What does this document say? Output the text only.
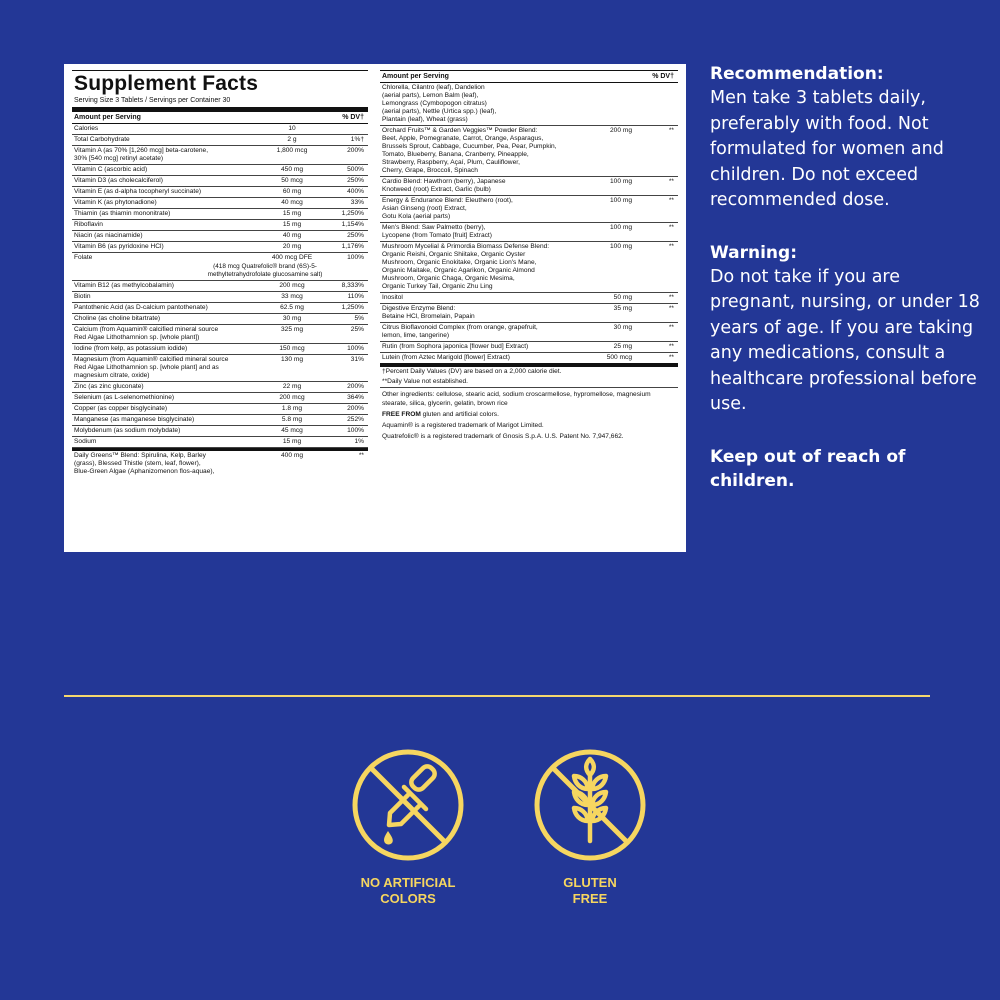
Supplement Facts
Serving Size 3 Tablets / Servings per Container 30
Amount per Serving	% DV†
Calories	10
Total Carbohydrate	2 g	1%†
Vitamin A (as 70% [1,260 mcg] beta-carotene,
30% [540 mcg] retinyl acetate)
1,800 mcg	200%
Vitamin C (ascorbic acid)	450 mg	500%
Vitamin D3 (as cholecalciferol)	50 mcg	250%
Vitamin E (as d-alpha tocopheryl succinate)	60 mg	400%
Vitamin K (as phytonadione)	40 mcg	33%
Thiamin (as thiamin mononitrate)	15 mg	1,250%
Riboflavin	15 mg	1,154%
Niacin (as niacinamide)	40 mg	250%
Vitamin B6 (as pyridoxine HCl)	20 mg	1,176%
Folate	400 mcg DFE	100%
(418 mcg Quatrefolic® brand (6S)-5-
methyltetrahydrofolate glucosamine salt)
Vitamin B12 (as methylcobalamin)	200 mcg	8,333%
Biotin	33 mcg	110%
Pantothenic Acid (as D-calcium pantothenate)	62.5 mg	1,250%
Choline (as choline bitartrate)	30 mg	5%
Calcium (from Aquamin® calcified mineral source
Red Algae Lithothamnion sp. [whole plant])
325 mg	25%
Iodine (from kelp, as potassium iodide)	150 mcg	100%
Magnesium (from Aquamin® calcified mineral source
Red Algae Lithothamnion sp. [whole plant] and as
magnesium citrate, oxide)
130 mg	31%
Zinc (as zinc gluconate)	22 mg	200%
Selenium (as L-selenomethionine)	200 mcg	364%
Copper (as copper bisglycinate)	1.8 mg	200%
Manganese (as manganese bisglycinate)	5.8 mg	252%
Molybdenum (as sodium molybdate)	45 mcg	100%
Sodium	15 mg	1%
Daily Greens™ Blend: Spirulina, Kelp, Barley
(grass), Blessed Thistle (stem, leaf, flower),
Blue-Green Algae (Aphanizomenon flos-aquae),
400 mg	**
Amount per Serving	% DV†
Chlorella, Cilantro (leaf), Dandelion
(aerial parts), Lemon Balm (leaf),
Lemongrass (Cymbopogon citratus)
(aerial parts), Nettle (Urtica spp.) (leaf),
Plantain (leaf), Wheat (grass)
Orchard Fruits™ & Garden Veggies™ Powder Blend:
Beet, Apple, Pomegranate, Carrot, Orange, Asparagus,
Brussels Sprout, Cabbage, Cucumber, Pea, Pear, Pumpkin,
Tomato, Blueberry, Banana, Cranberry, Pineapple,
Strawberry, Raspberry, Açaí, Plum, Cauliflower,
Cherry, Grape, Broccoli, Spinach
200 mg	**
Cardio Blend: Hawthorn (berry), Japanese
Knotweed (root) Extract, Garlic (bulb)
100 mg	**
Energy & Endurance Blend: Eleuthero (root),
Asian Ginseng (root) Extract,
Gotu Kola (aerial parts)
100 mg	**
Men's Blend: Saw Palmetto (berry),
Lycopene (from Tomato [fruit] Extract)
100 mg	**
Mushroom Mycelial & Primordia Biomass Defense Blend:
Organic Reishi, Organic Shiitake, Organic Oyster
Mushroom, Organic Enokitake, Organic Lion's Mane,
Organic Maitake, Organic Agarikon, Organic Almond
Mushroom, Organic Chaga, Organic Mesima,
Organic Turkey Tail, Organic Zhu Ling
100 mg	**
Inositol	50 mg	**
Digestive Enzyme Blend:
Betaine HCl, Bromelain, Papain
35 mg	**
Citrus Bioflavonoid Complex (from orange, grapefruit,
lemon, lime, tangerine)
30 mg	**
Rutin (from Sophora japonica [flower bud] Extract)	25 mg	**
Lutein (from Aztec Marigold [flower] Extract)	500 mcg	**
†Percent Daily Values (DV) are based on a 2,000 calorie diet.
**Daily Value not established.
Other ingredients: cellulose, stearic acid, sodium croscarmellose, hypromellose, magnesium stearate, silica, glycerin, gelatin, brown rice
FREE FROM gluten and artificial colors.
Aquamin® is a registered trademark of Marigot Limited.
Quatrefolic® is a registered trademark of Gnosis S.p.A. U.S. Patent No. 7,947,662.
Recommendation:
Men take 3 tablets daily, preferably with food. Not formulated for women and children. Do not exceed recommended dose.
Warning:
Do not take if you are pregnant, nursing, or under 18 years of age. If you are taking any medications, consult a healthcare professional before use.
Keep out of reach of children.
NO ARTIFICIAL
COLORS
GLUTEN
FREE
